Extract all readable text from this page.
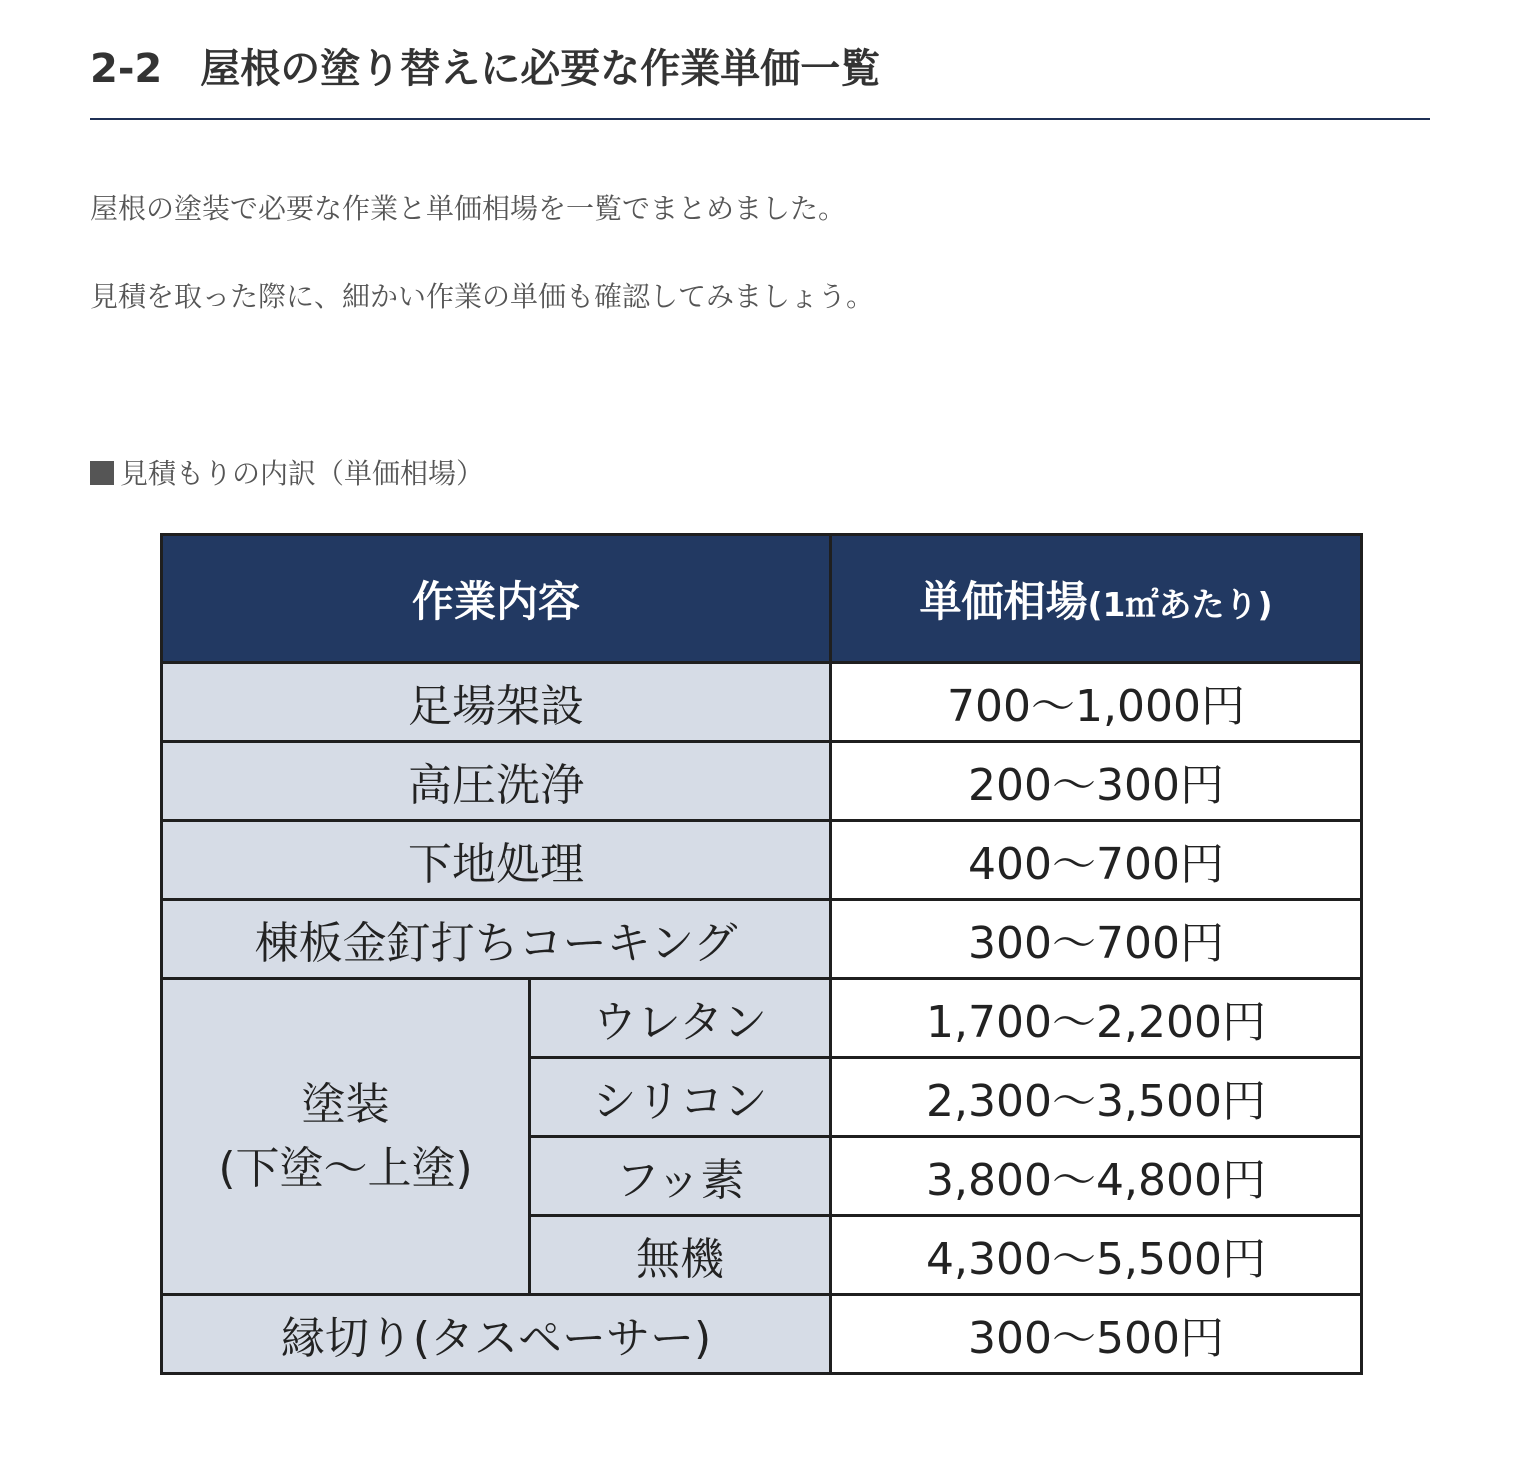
2-2 屋根の塗り替えに必要な作業単価一覧

屋根の塗装で必要な作業と単価相場を一覧でまとめました。

見積を取った際に、細かい作業の単価も確認してみましょう。

見積もりの内訳（単価相場）

作業内容		単価相場(1㎡あたり)
足場架設		700〜1,000円
高圧洗浄		200〜300円
下地処理		400〜700円
棟板金釘打ちコーキング		300〜700円
塗装
(下塗〜上塗)	ウレタン	1,700〜2,200円
	シリコン	2,300〜3,500円
	フッ素	3,800〜4,800円
	無機	4,300〜5,500円
縁切り(タスペーサー)		300〜500円
